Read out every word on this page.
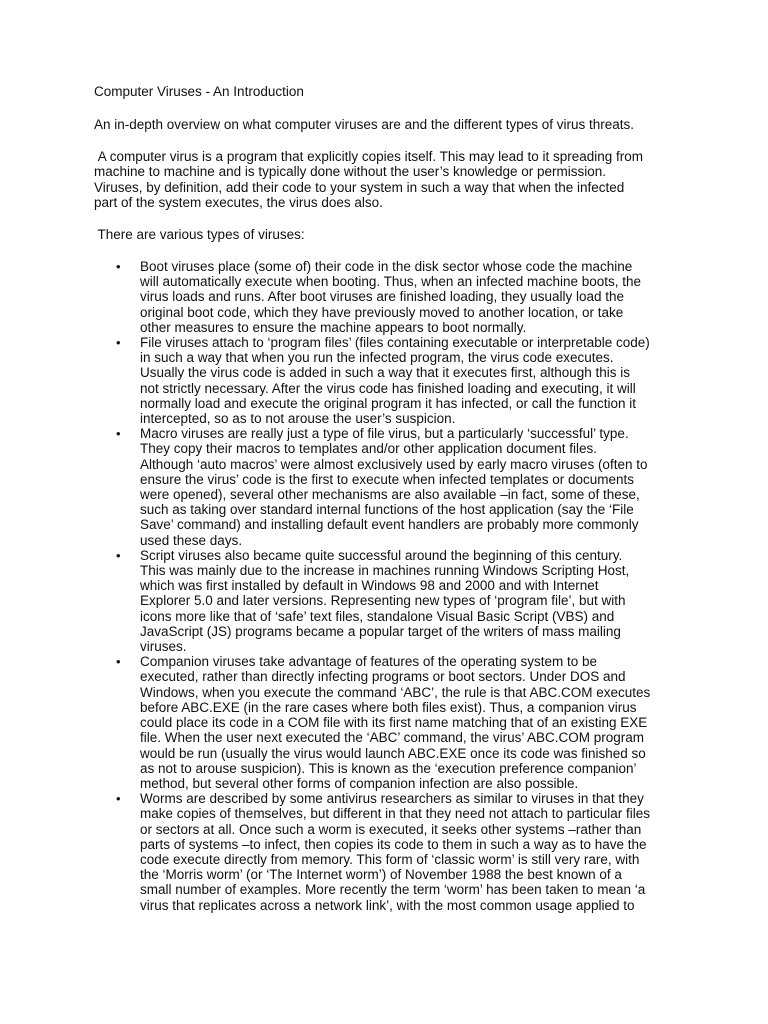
Computer Viruses - An Introduction
An in-depth overview on what computer viruses are and the different types of virus threats.
A computer virus is a program that explicitly copies itself. This may lead to it spreading from
machine to machine and is typically done without the user’s knowledge or permission.
Viruses, by definition, add their code to your system in such a way that when the infected
part of the system executes, the virus does also.
There are various types of viruses:
•	Boot viruses place (some of) their code in the disk sector whose code the machine
will automatically execute when booting. Thus, when an infected machine boots, the
virus loads and runs. After boot viruses are finished loading, they usually load the
original boot code, which they have previously moved to another location, or take
other measures to ensure the machine appears to boot normally.
•	File viruses attach to ‘program files’ (files containing executable or interpretable code)
in such a way that when you run the infected program, the virus code executes.
Usually the virus code is added in such a way that it executes first, although this is
not strictly necessary. After the virus code has finished loading and executing, it will
normally load and execute the original program it has infected, or call the function it
intercepted, so as to not arouse the user’s suspicion.
•	Macro viruses are really just a type of file virus, but a particularly ‘successful’ type.
They copy their macros to templates and/or other application document files.
Although ‘auto macros’ were almost exclusively used by early macro viruses (often to
ensure the virus’ code is the first to execute when infected templates or documents
were opened), several other mechanisms are also available –in fact, some of these,
such as taking over standard internal functions of the host application (say the ‘File
Save’ command) and installing default event handlers are probably more commonly
used these days.
•	Script viruses also became quite successful around the beginning of this century.
This was mainly due to the increase in machines running Windows Scripting Host,
which was first installed by default in Windows 98 and 2000 and with Internet
Explorer 5.0 and later versions. Representing new types of ‘program file’, but with
icons more like that of ‘safe’ text files, standalone Visual Basic Script (VBS) and
JavaScript (JS) programs became a popular target of the writers of mass mailing
viruses.
•	Companion viruses take advantage of features of the operating system to be
executed, rather than directly infecting programs or boot sectors. Under DOS and
Windows, when you execute the command ‘ABC’, the rule is that ABC.COM executes
before ABC.EXE (in the rare cases where both files exist). Thus, a companion virus
could place its code in a COM file with its first name matching that of an existing EXE
file. When the user next executed the ‘ABC’ command, the virus’ ABC.COM program
would be run (usually the virus would launch ABC.EXE once its code was finished so
as not to arouse suspicion). This is known as the ‘execution preference companion’
method, but several other forms of companion infection are also possible.
•	Worms are described by some antivirus researchers as similar to viruses in that they
make copies of themselves, but different in that they need not attach to particular files
or sectors at all. Once such a worm is executed, it seeks other systems –rather than
parts of systems –to infect, then copies its code to them in such a way as to have the
code execute directly from memory. This form of ‘classic worm’ is still very rare, with
the ‘Morris worm’ (or ‘The Internet worm’) of November 1988 the best known of a
small number of examples. More recently the term ‘worm’ has been taken to mean ‘a
virus that replicates across a network link’, with the most common usage applied to
